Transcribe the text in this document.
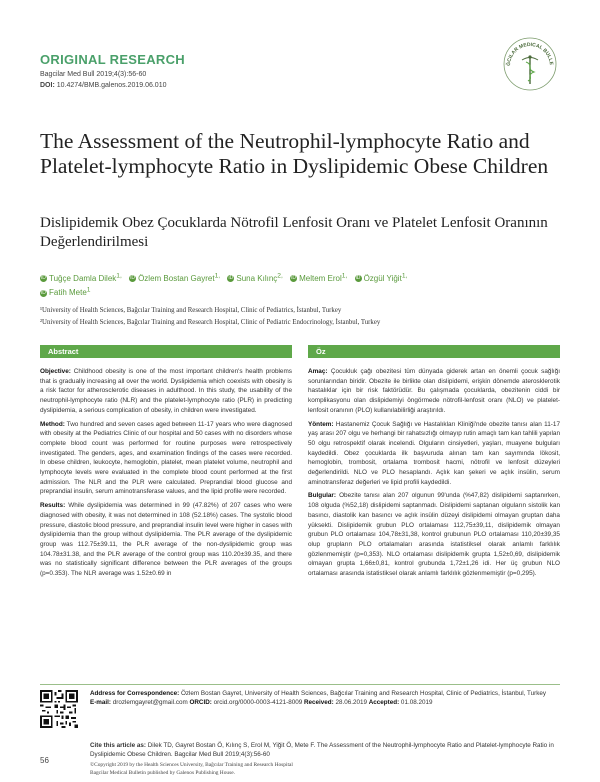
ORIGINAL RESEARCH
Bagcilar Med Bull 2019;4(3):56-60
DOI: 10.4274/BMB.galenos.2019.06.010
ĞCILAR MEDICAL BULLE
The Assessment of the Neutrophil-lymphocyte Ratio and Platelet-lymphocyte Ratio in Dyslipidemic Obese Children
Dislipidemik Obez Çocuklarda Nötrofil Lenfosit Oranı ve Platelet Lenfosit Oranının Değerlendirilmesi
iD Tuğçe Damla Dilek$^{1,}$ iD Özlem Bostan Gayret$^{1,}$ iD Suna Kılınç$^{2,}$ iD Meltem Erol$^{1,}$ iD Özgül Yiğit$^{1,}$
iD Fatih Mete$^1$
¹University of Health Sciences, Bağcılar Training and Research Hospital, Clinic of Pediatrics, İstanbul, Turkey
²University of Health Sciences, Bağcılar Training and Research Hospital, Clinic of Pediatric Endocrinology, İstanbul, Turkey
Abstract

Objective: Childhood obesity is one of the most important children's health problems that is gradually increasing all over the world. Dyslipidemia which coexists with obesity is a risk factor for atherosclerotic diseases in adulthood. In this study, the usability of the neutrophil-lymphocyte ratio (NLR) and the platelet-lymphocyte ratio (PLR) in predicting dyslipidemia, a serious complication of obesity, in children were investigated.

Method: Two hundred and seven cases aged between 11-17 years who were diagnosed with obesity at the Pediatrics Clinic of our hospital and 50 cases with no disorders whose complete blood count was performed for routine purposes were retrospectively investigated. The genders, ages, and examination findings of the cases were recorded. In obese children, leukocyte, hemoglobin, platelet, mean platelet volume, neutrophil and lymphocyte levels were evaluated in the complete blood count performed at the first admission. The NLR and the PLR were calculated. Preprandial blood glucose and preprandial insulin, serum aminotransferase values, and the lipid profile were recorded.

Results: While dyslipidemia was determined in 99 (47.82%) of 207 cases who were diagnosed with obesity, it was not determined in 108 (52.18%) cases. The systolic blood pressure, diastolic blood pressure, and preprandial insulin level were higher in cases with dyslipidemia than the group without dyslipidemia. The PLR average of the dyslipidemic group was 112.75±39.11, the PLR average of the non-dyslipidemic group was 104.78±31.38, and the PLR average of the control group was 110.20±39.35, and there was no statistically significant difference between the PLR averages of the groups (p=0.353). The NLR average was 1.52±0.69 in

Öz

Amaç: Çocukluk çağı obezitesi tüm dünyada giderek artan en önemli çocuk sağlığı sorunlarından biridir. Obezite ile birlikte olan dislipidemi, erişkin dönemde aterosklerotik hastalıklar için bir risk faktörüdür. Bu çalışmada çocuklarda, obezitenin ciddi bir komplikasyonu olan dislipidemiyi öngörmede nötrofil-lenfosit oranı (NLO) ve platelet-lenfosit oranının (PLO) kullanılabilirliği araştırıldı.

Yöntem: Hastanemiz Çocuk Sağlığı ve Hastalıkları Kliniği'nde obezite tanısı alan 11-17 yaş arası 207 olgu ve herhangi bir rahatsızlığı olmayıp rutin amaçlı tam kan tahlili yapılan 50 olgu retrospektif olarak incelendi. Olguların cinsiyetleri, yaşları, muayene bulguları kaydedildi. Obez çocuklarda ilk başvuruda alınan tam kan sayımında lökosit, hemoglobin, trombosit, ortalama trombosit hacmi, nötrofil ve lenfosit düzeyleri değerlendirildi. NLO ve PLO hesaplandı. Açlık kan şekeri ve açlık insülin, serum aminotransferaz değerleri ve lipid profili kaydedildi.

Bulgular: Obezite tanısı alan 207 olgunun 99'unda (%47,82) dislipidemi saptanırken, 108 olguda (%52,18) dislipidemi saptanmadı. Dislipidemi saptanan olguların sistolik kan basıncı, diastolik kan basıncı ve açlık insülin düzeyi dislipidemi olmayan gruptan daha yüksekti. Dislipidemik grubun PLO ortalaması 112,75±39,11, dislipidemik olmayan grubun PLO ortalaması 104,78±31,38, kontrol grubunun PLO ortalaması 110,20±39,35 olup grupların PLO ortalamaları arasında istatistiksel olarak anlamlı farklılık gözlenmemiştir (p=0,353). NLO ortalaması dislipidemik grupta 1,52±0,69, dislipidemik olmayan grupta 1,66±0,81, kontrol grubunda 1,72±1,26 idi. Her üç grubun NLO ortalaması arasında istatistiksel olarak anlamlı farklılık gözlenmemiştir (p=0,295).

Address for Correspondence: Özlem Bostan Gayret, University of Health Sciences, Bağcılar Training and Research Hospital, Clinic of Pediatrics, İstanbul, Turkey
E-mail: drozlemgayret@gmail.com ORCID: orcid.org/0000-0003-4121-8009 Received: 28.06.2019 Accepted: 01.08.2019
Cite this article as: Dilek TD, Gayret Bostan Ö, Kılınç S, Erol M, Yiğit Ö, Mete F. The Assessment of the Neutrophil-lymphocyte Ratio and Platelet-lymphocyte Ratio in Dyslipidemic Obese Children. Bagcilar Med Bull 2019;4(3):56-60
©Copyright 2019 by the Health Sciences University, Bağcılar Training and Research Hospital
Bagcilar Medical Bulletin published by Galenos Publishing House.
56
